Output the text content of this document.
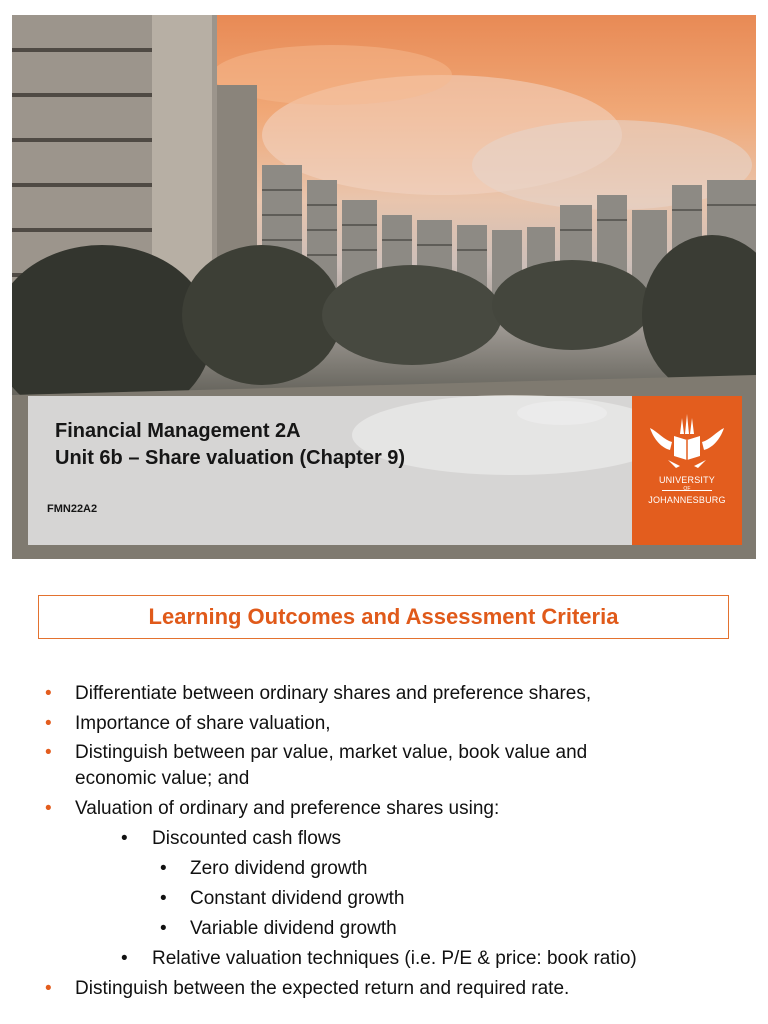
Financial Management 2A

Unit 6b – Share valuation (Chapter 9)

FMN22A2
UNIVERSITY
OF
JOHANNESBURG
Learning Outcomes and Assessment Criteria
• Differentiate between ordinary shares and preference shares,
• Importance of share valuation,
• Distinguish between par value, market value, book value and
economic value; and
• Valuation of ordinary and preference shares using:
• Discounted cash flows
• Zero dividend growth
• Constant dividend growth
• Variable dividend growth
• Relative valuation techniques (i.e. P/E & price: book ratio)
• Distinguish between the expected return and required rate.
